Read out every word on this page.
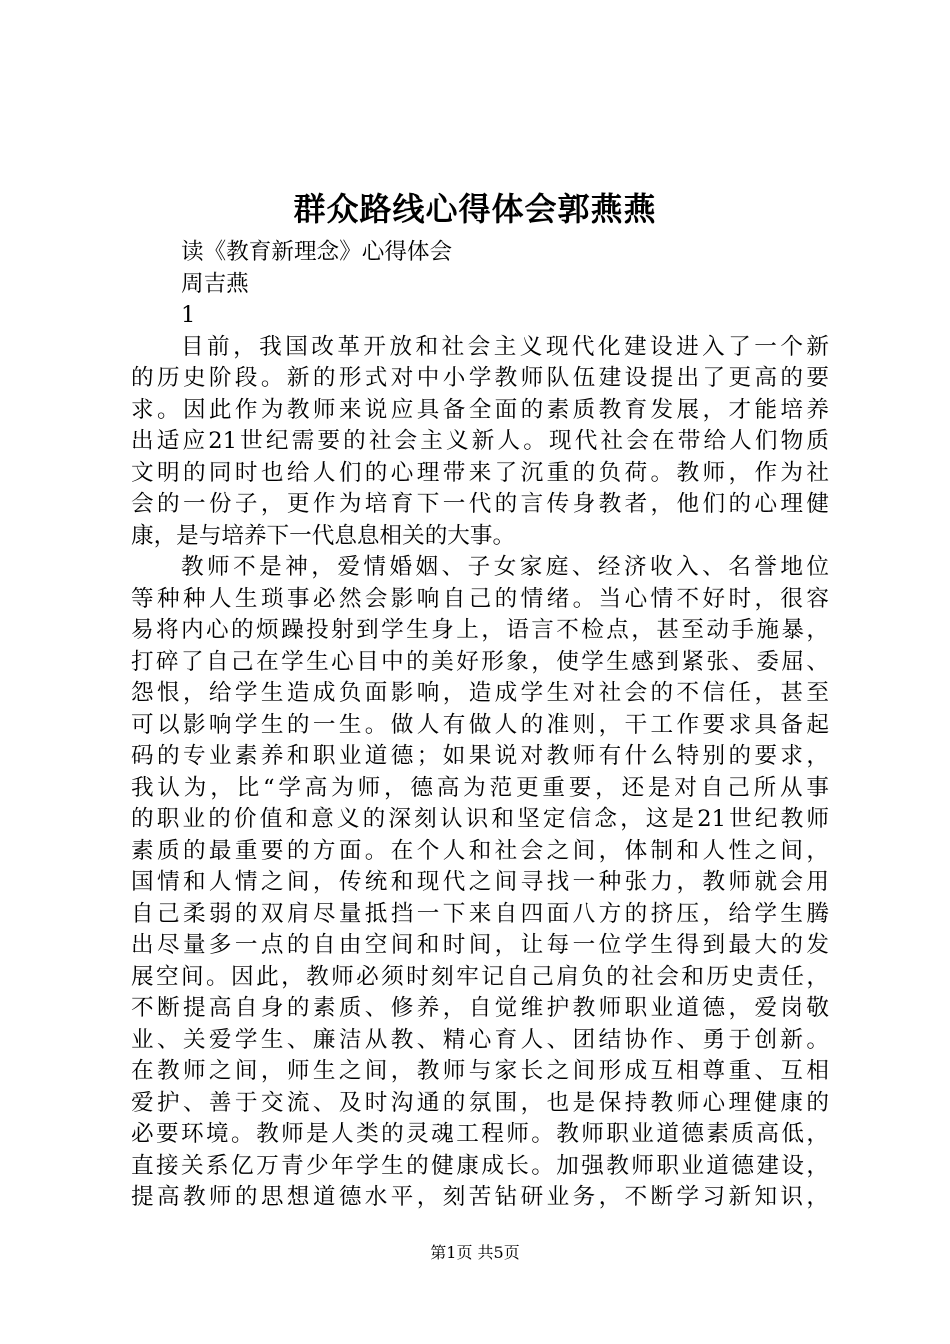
群众路线心得体会郭燕燕
读《教育新理念》心得体会
周吉燕
1
目前，我国改革开放和社会主义现代化建设进入了一个新
的历史阶段。新的形式对中小学教师队伍建设提出了更高的要
求。因此作为教师来说应具备全面的素质教育发展，才能培养
出适应21世纪需要的社会主义新人。现代社会在带给人们物质
文明的同时也给人们的心理带来了沉重的负荷。教师，作为社
会的一份子，更作为培育下一代的言传身教者，他们的心理健
康，是与培养下一代息息相关的大事。
教师不是神，爱情婚姻、子女家庭、经济收入、名誉地位
等种种人生琐事必然会影响自己的情绪。当心情不好时，很容
易将内心的烦躁投射到学生身上，语言不检点，甚至动手施暴，
打碎了自己在学生心目中的美好形象，使学生感到紧张、委屈、
怨恨，给学生造成负面影响，造成学生对社会的不信任，甚至
可以影响学生的一生。做人有做人的准则，干工作要求具备起
码的专业素养和职业道德；如果说对教师有什么特别的要求，
我认为，比“学高为师，德高为范更重要，还是对自己所从事
的职业的价值和意义的深刻认识和坚定信念，这是21世纪教师
素质的最重要的方面。在个人和社会之间，体制和人性之间，
国情和人情之间，传统和现代之间寻找一种张力，教师就会用
自己柔弱的双肩尽量抵挡一下来自四面八方的挤压，给学生腾
出尽量多一点的自由空间和时间，让每一位学生得到最大的发
展空间。因此，教师必须时刻牢记自己肩负的社会和历史责任，
不断提高自身的素质、修养，自觉维护教师职业道德，爱岗敬
业、关爱学生、廉洁从教、精心育人、团结协作、勇于创新。
在教师之间，师生之间，教师与家长之间形成互相尊重、互相
爱护、善于交流、及时沟通的氛围，也是保持教师心理健康的
必要环境。教师是人类的灵魂工程师。教师职业道德素质高低，
直接关系亿万青少年学生的健康成长。加强教师职业道德建设，
提高教师的思想道德水平，刻苦钻研业务，不断学习新知识，
第1页 共5页
